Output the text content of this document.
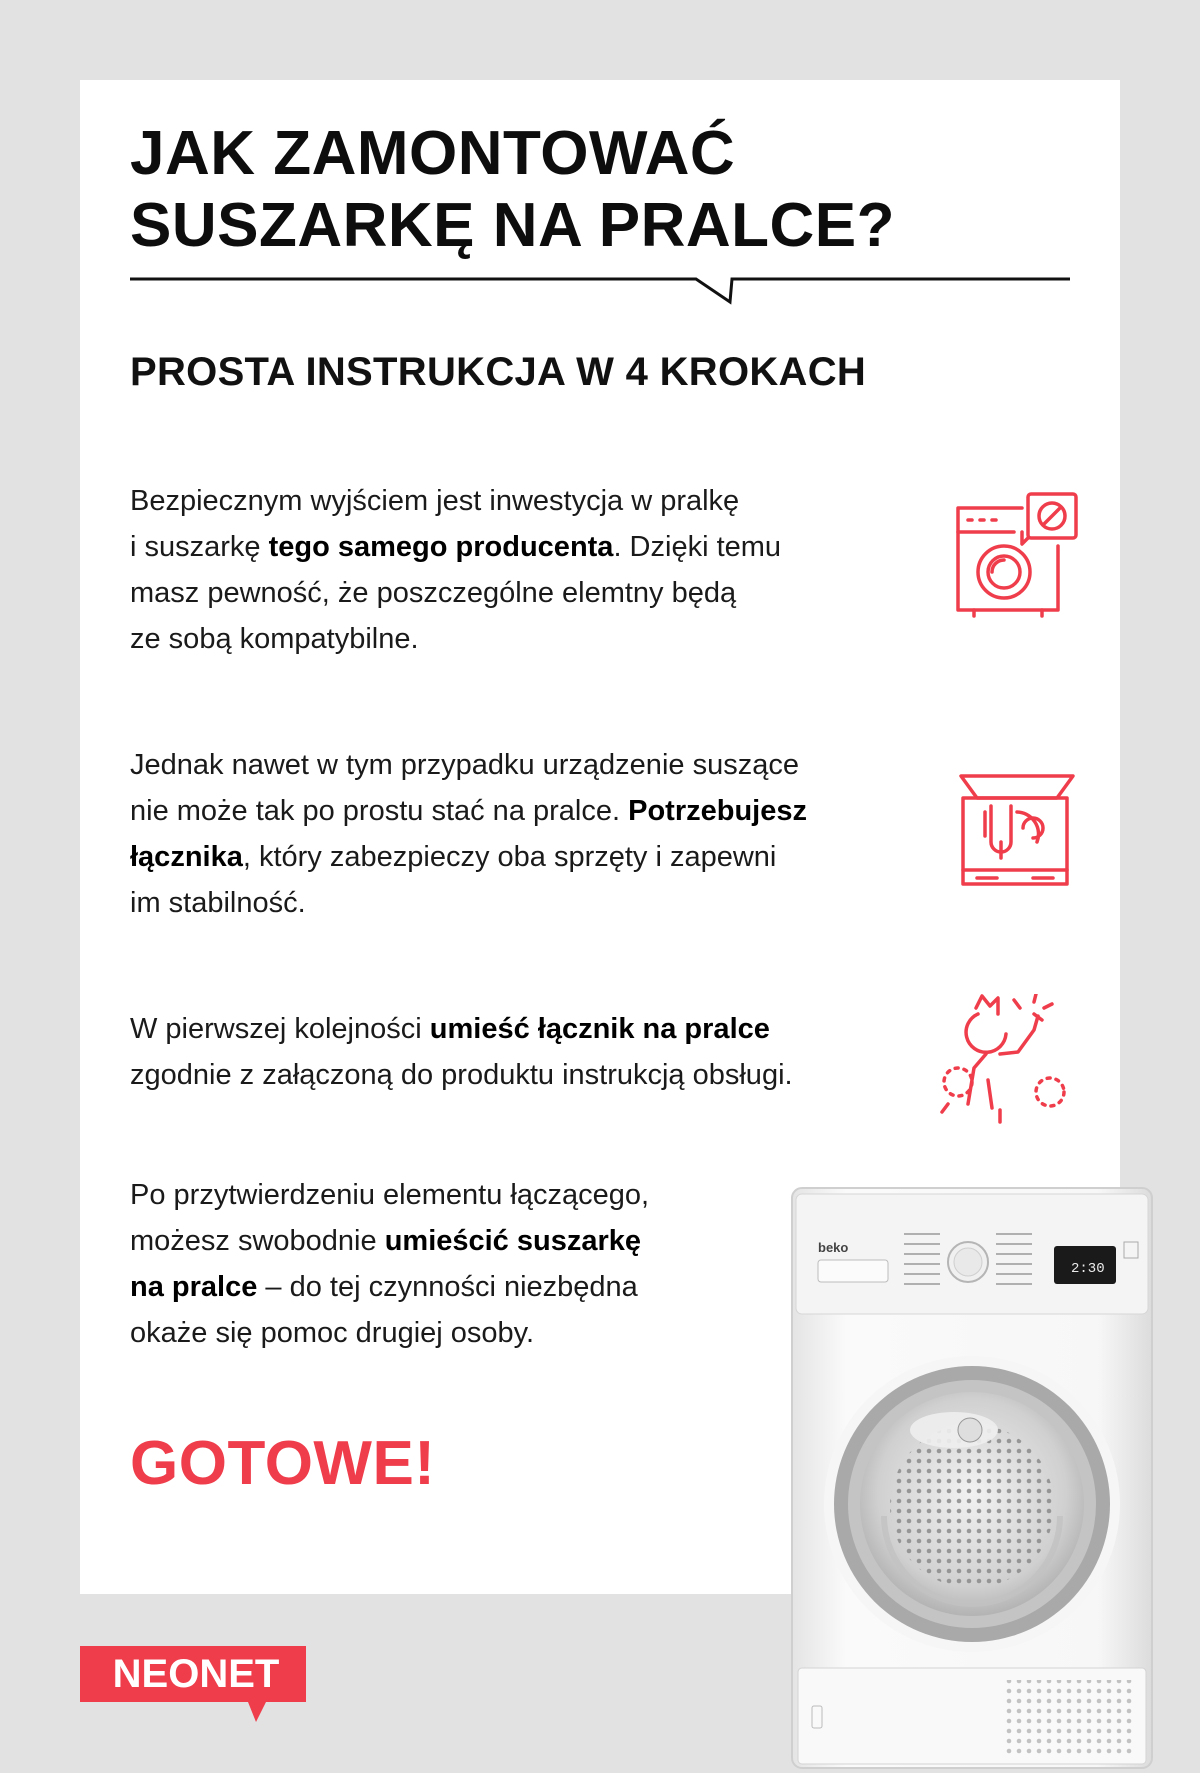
JAK ZAMONTOWAĆ
SUSZARKĘ NA PRALCE?
PROSTA INSTRUKCJA W 4 KROKACH

Bezpiecznym wyjściem jest inwestycja w pralkę
i suszarkę tego samego producenta. Dzięki temu
masz pewność, że poszczególne elemtny będą
ze sobą kompatybilne.

Jednak nawet w tym przypadku urządzenie suszące
nie może tak po prostu stać na pralce. Potrzebujesz
łącznika, który zabezpieczy oba sprzęty i zapewni
im stabilność.

W pierwszej kolejności umieść łącznik na pralce
zgodnie z załączoną do produktu instrukcją obsługi.

Po przytwierdzeniu elementu łączącego,
możesz swobodnie umieścić suszarkę
na pralce – do tej czynności niezbędna
okaże się pomoc drugiej osoby.

GOTOWE!
beko
2:30
NEONET
